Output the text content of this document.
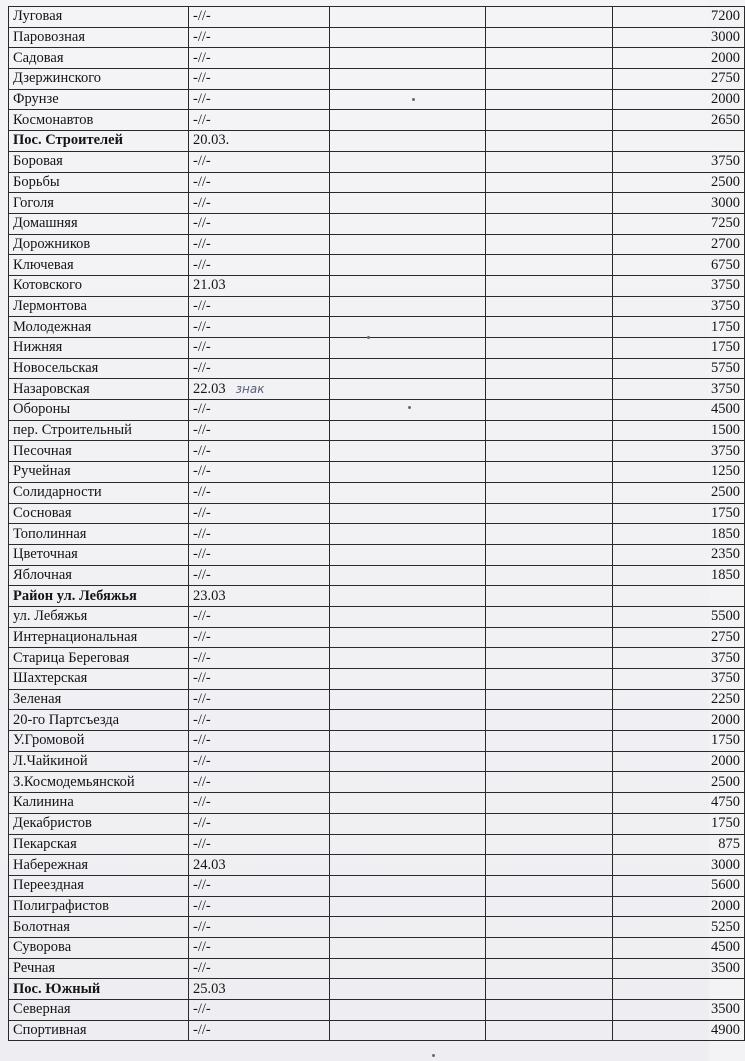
Луговая	-//-			7200
Паровозная	-//-			3000
Садовая	-//-			2000
Дзержинского	-//-			2750
Фрунзе	-//-			2000
Космонавтов	-//-			2650
Пос. Строителей	20.03.			
Боровая	-//-			3750
Борьбы	-//-			2500
Гоголя	-//-			3000
Домашняя	-//-			7250
Дорожников	-//-			2700
Ключевая	-//-			6750
Котовского	21.03			3750
Лермонтова	-//-			3750
Молодежная	-//-			1750
Нижняя	-//-			1750
Новосельская	-//-			5750
Назаровская	22.03 знак			3750
Обороны	-//-			4500
пер. Строительный	-//-			1500
Песочная	-//-			3750
Ручейная	-//-			1250
Солидарности	-//-			2500
Сосновая	-//-			1750
Тополинная	-//-			1850
Цветочная	-//-			2350
Яблочная	-//-			1850
Район ул. Лебяжья	23.03			
ул. Лебяжья	-//-			5500
Интернациональная	-//-			2750
Старица Береговая	-//-			3750
Шахтерская	-//-			3750
Зеленая	-//-			2250
20-го Партсъезда	-//-			2000
У.Громовой	-//-			1750
Л.Чайкиной	-//-			2000
З.Космодемьянской	-//-			2500
Калинина	-//-			4750
Декабристов	-//-			1750
Пекарская	-//-			875
Набережная	24.03			3000
Переездная	-//-			5600
Полиграфистов	-//-			2000
Болотная	-//-			5250
Суворова	-//-			4500
Речная	-//-			3500
Пос. Южный	25.03			
Северная	-//-			3500
Спортивная	-//-			4900
